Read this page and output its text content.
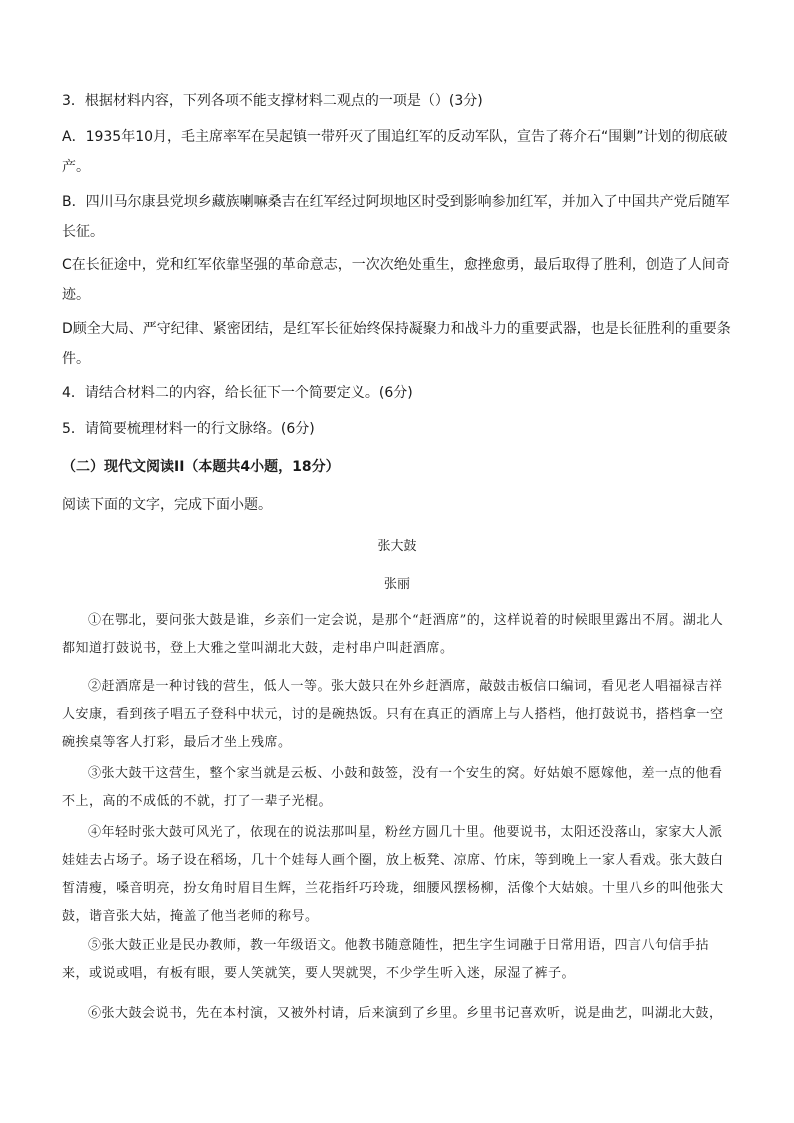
3．根据材料内容，下列各项不能支撑材料二观点的一项是（）(3分)

A．1935年10月，毛主席率军在吴起镇一带歼灭了围追红军的反动军队，宣告了蒋介石“围剿”计划的彻底破产。

B．四川马尔康县党坝乡藏族喇嘛桑吉在红军经过阿坝地区时受到影响参加红军，并加入了中国共产党后随军长征。

C在长征途中，党和红军依靠坚强的革命意志，一次次绝处重生，愈挫愈勇，最后取得了胜利，创造了人间奇迹。

D顾全大局、严守纪律、紧密团结，是红军长征始终保持凝聚力和战斗力的重要武器，也是长征胜利的重要条件。

4．请结合材料二的内容，给长征下一个简要定义。(6分)

5．请简要梳理材料一的行文脉络。(6分)

（二）现代文阅读II（本题共4小题，18分）

阅读下面的文字，完成下面小题。

张大鼓

张丽

①在鄂北，要问张大鼓是谁，乡亲们一定会说，是那个“赶酒席”的，这样说着的时候眼里露出不屑。湖北人都知道打鼓说书，登上大雅之堂叫湖北大鼓，走村串户叫赶酒席。

②赶酒席是一种讨钱的营生，低人一等。张大鼓只在外乡赶酒席，敲鼓击板信口编词，看见老人唱福禄吉祥人安康，看到孩子唱五子登科中状元，讨的是碗热饭。只有在真正的酒席上与人搭档，他打鼓说书，搭档拿一空碗挨桌等客人打彩，最后才坐上残席。

③张大鼓干这营生，整个家当就是云板、小鼓和鼓签，没有一个安生的窝。好姑娘不愿嫁他，差一点的他看不上，高的不成低的不就，打了一辈子光棍。

④年轻时张大鼓可风光了，依现在的说法那叫星，粉丝方圆几十里。他要说书，太阳还没落山，家家大人派娃娃去占场子。场子设在稻场，几十个娃每人画个圈，放上板凳、凉席、竹床，等到晚上一家人看戏。张大鼓白皙清瘦，嗓音明亮，扮女角时眉目生辉，兰花指纤巧玲珑，细腰风摆杨柳，活像个大姑娘。十里八乡的叫他张大鼓，谐音张大姑，掩盖了他当老师的称号。

⑤张大鼓正业是民办教师，教一年级语文。他教书随意随性，把生字生词融于日常用语，四言八句信手拈来，或说或唱，有板有眼，要人笑就笑，要人哭就哭，不少学生听入迷，尿湿了裤子。

⑥张大鼓会说书，先在本村演，又被外村请，后来演到了乡里。乡里书记喜欢听，说是曲艺，叫湖北大鼓，
